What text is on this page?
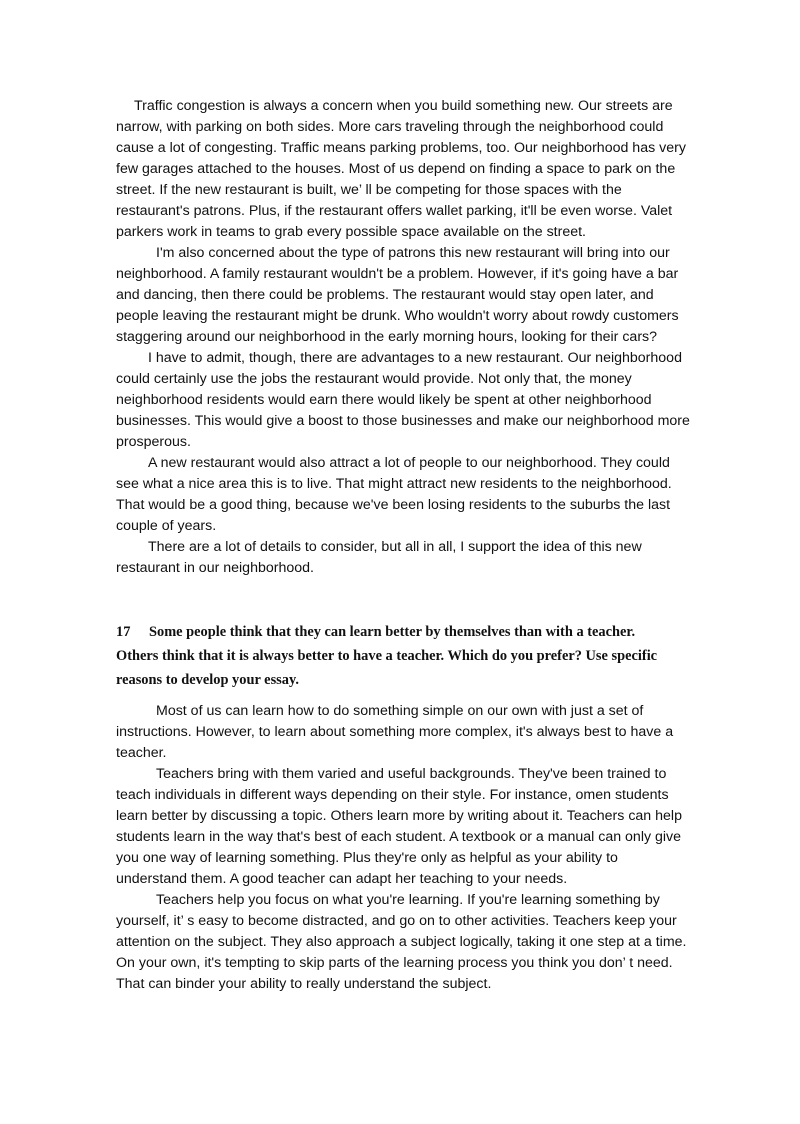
Traffic congestion is always a concern when you build something new. Our streets are narrow, with parking on both sides. More cars traveling through the neighborhood could cause a lot of congesting. Traffic means parking problems, too. Our neighborhood has very few garages attached to the houses. Most of us depend on finding a space to park on the street. If the new restaurant is built, we’ ll be competing for those spaces with the restaurant's patrons. Plus, if the restaurant offers wallet parking, it'll be even worse. Valet parkers work in teams to grab every possible space available on the street.

I'm also concerned about the type of patrons this new restaurant will bring into our neighborhood. A family restaurant wouldn't be a problem. However, if it's going have a bar and dancing, then there could be problems. The restaurant would stay open later, and people leaving the restaurant might be drunk. Who wouldn't worry about rowdy customers staggering around our neighborhood in the early morning hours, looking for their cars?

I have to admit, though, there are advantages to a new restaurant. Our neighborhood could certainly use the jobs the restaurant would provide. Not only that, the money neighborhood residents would earn there would likely be spent at other neighborhood businesses. This would give a boost to those businesses and make our neighborhood more prosperous.

A new restaurant would also attract a lot of people to our neighborhood. They could see what a nice area this is to live. That might attract new residents to the neighborhood. That would be a good thing, because we've been losing residents to the suburbs the last couple of years.

There are a lot of details to consider, but all in all, I support the idea of this new restaurant in our neighborhood.

17 Some people think that they can learn better by themselves than with a teacher. Others think that it is always better to have a teacher. Which do you prefer? Use specific reasons to develop your essay.

Most of us can learn how to do something simple on our own with just a set of instructions. However, to learn about something more complex, it's always best to have a teacher.

Teachers bring with them varied and useful backgrounds. They've been trained to teach individuals in different ways depending on their style. For instance, omen students learn better by discussing a topic. Others learn more by writing about it. Teachers can help students learn in the way that's best of each student. A textbook or a manual can only give you one way of learning something. Plus they're only as helpful as your ability to understand them. A good teacher can adapt her teaching to your needs.

Teachers help you focus on what you're learning. If you're learning something by yourself, it’ s easy to become distracted, and go on to other activities. Teachers keep your attention on the subject. They also approach a subject logically, taking it one step at a time. On your own, it's tempting to skip parts of the learning process you think you don’ t need. That can binder your ability to really understand the subject.
